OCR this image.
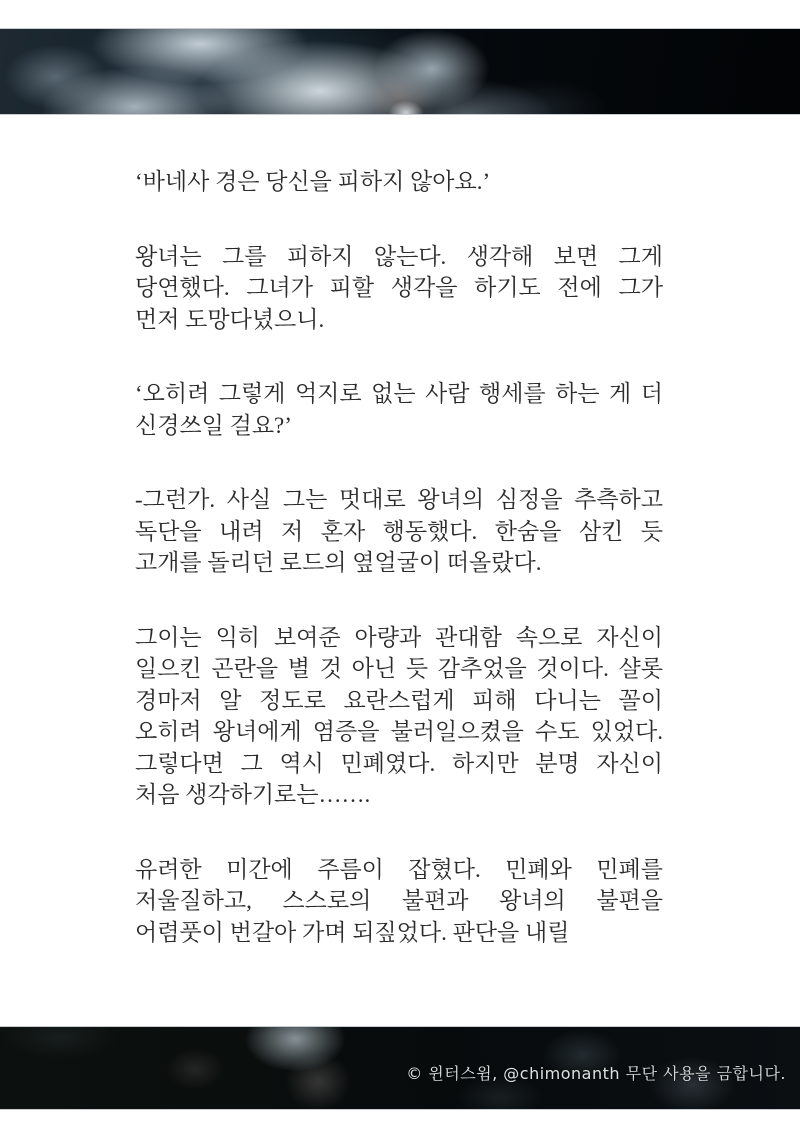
‘바네사 경은 당신을 피하지 않아요.’
왕녀는 그를 피하지 않는다. 생각해 보면 그게
당연했다. 그녀가 피할 생각을 하기도 전에 그가
먼저 도망다녔으니.
‘오히려 그렇게 억지로 없는 사람 행세를 하는 게 더
신경쓰일 걸요?’
-그런가. 사실 그는 멋대로 왕녀의 심정을 추측하고
독단을 내려 저 혼자 행동했다. 한숨을 삼킨 듯
고개를 돌리던 로드의 옆얼굴이 떠올랐다.
그이는 익히 보여준 아량과 관대함 속으로 자신이
일으킨 곤란을 별 것 아닌 듯 감추었을 것이다. 샬롯
경마저 알 정도로 요란스럽게 피해 다니는 꼴이
오히려 왕녀에게 염증을 불러일으켰을 수도 있었다.
그렇다면 그 역시 민폐였다. 하지만 분명 자신이
처음 생각하기로는…….
유려한 미간에 주름이 잡혔다. 민폐와 민폐를
저울질하고, 스스로의 불편과 왕녀의 불편을
어렴풋이 번갈아 가며 되짚었다. 판단을 내릴
© 윈터스윔, @chimonanth 무단 사용을 금합니다.
